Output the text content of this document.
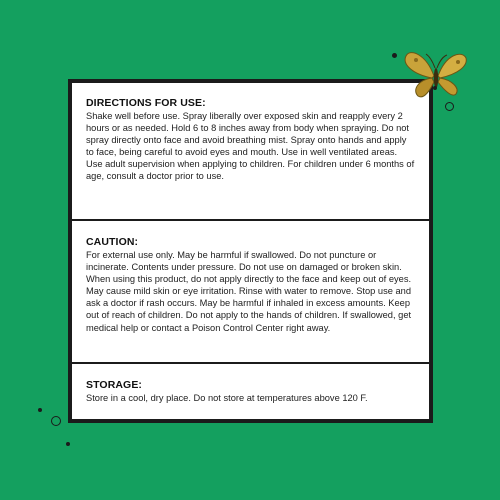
DIRECTIONS FOR USE:

Shake well before use. Spray liberally over exposed skin and reapply every 2 hours or as needed. Hold 6 to 8 inches away from body when spraying. Do not spray directly onto face and avoid breathing mist. Spray onto hands and apply to face, being careful to avoid eyes and mouth. Use in well ventilated areas. Use adult supervision when applying to children. For children under 6 months of age, consult a doctor prior to use.

CAUTION:

For external use only. May be harmful if swallowed. Do not puncture or incinerate. Contents under pressure. Do not use on damaged or broken skin. When using this product, do not apply directly to the face and keep out of eyes. May cause mild skin or eye irritation. Rinse with water to remove. Stop use and ask a doctor if rash occurs. May be harmful if inhaled in excess amounts. Keep out of reach of children. Do not apply to the hands of children. If swallowed, get medical help or contact a Poison Control Center right away.

STORAGE:

Store in a cool, dry place. Do not store at temperatures above 120 F.
